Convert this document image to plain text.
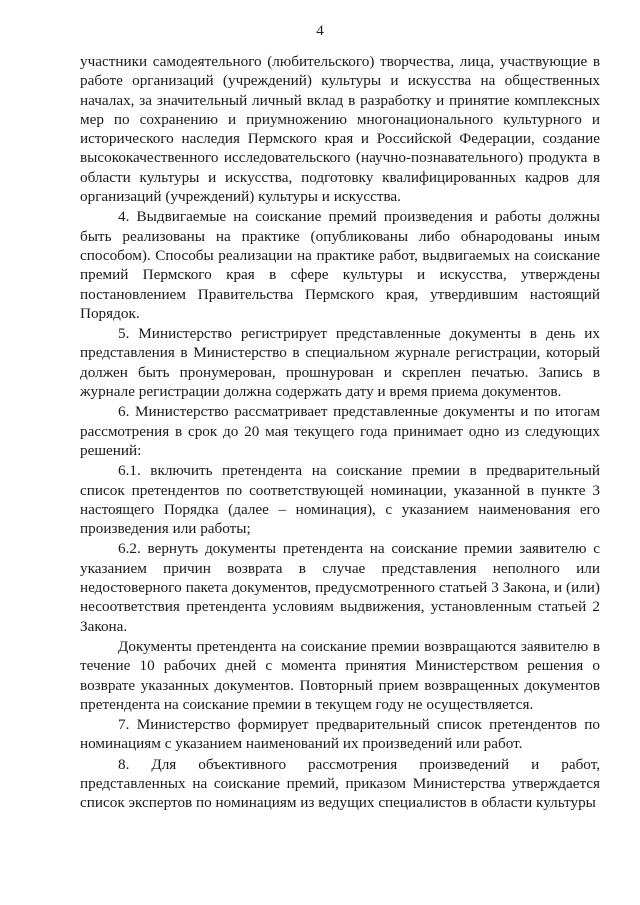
4

участники самодеятельного (любительского) творчества, лица, участвующие в работе организаций (учреждений) культуры и искусства на общественных началах, за значительный личный вклад в разработку и принятие комплексных мер по сохранению и приумножению многонационального культурного и исторического наследия Пермского края и Российской Федерации, создание высококачественного исследовательского (научно-познавательного) продукта в области культуры и искусства, подготовку квалифицированных кадров для организаций (учреждений) культуры и искусства.

4. Выдвигаемые на соискание премий произведения и работы должны быть реализованы на практике (опубликованы либо обнародованы иным способом). Способы реализации на практике работ, выдвигаемых на соискание премий Пермского края в сфере культуры и искусства, утверждены постановлением Правительства Пермского края, утвердившим настоящий Порядок.

5. Министерство регистрирует представленные документы в день их представления в Министерство в специальном журнале регистрации, который должен быть пронумерован, прошнурован и скреплен печатью. Запись в журнале регистрации должна содержать дату и время приема документов.

6. Министерство рассматривает представленные документы и по итогам рассмотрения в срок до 20 мая текущего года принимает одно из следующих решений:

6.1. включить претендента на соискание премии в предварительный список претендентов по соответствующей номинации, указанной в пункте 3 настоящего Порядка (далее – номинация), с указанием наименования его произведения или работы;

6.2. вернуть документы претендента на соискание премии заявителю с указанием причин возврата в случае представления неполного или недостоверного пакета документов, предусмотренного статьей 3 Закона, и (или) несоответствия претендента условиям выдвижения, установленным статьей 2 Закона.

Документы претендента на соискание премии возвращаются заявителю в течение 10 рабочих дней с момента принятия Министерством решения о возврате указанных документов. Повторный прием возвращенных документов претендента на соискание премии в текущем году не осуществляется.

7. Министерство формирует предварительный список претендентов по номинациям с указанием наименований их произведений или работ.

8. Для объективного рассмотрения произведений и работ, представленных на соискание премий, приказом Министерства утверждается список экспертов по номинациям из ведущих специалистов в области культуры
